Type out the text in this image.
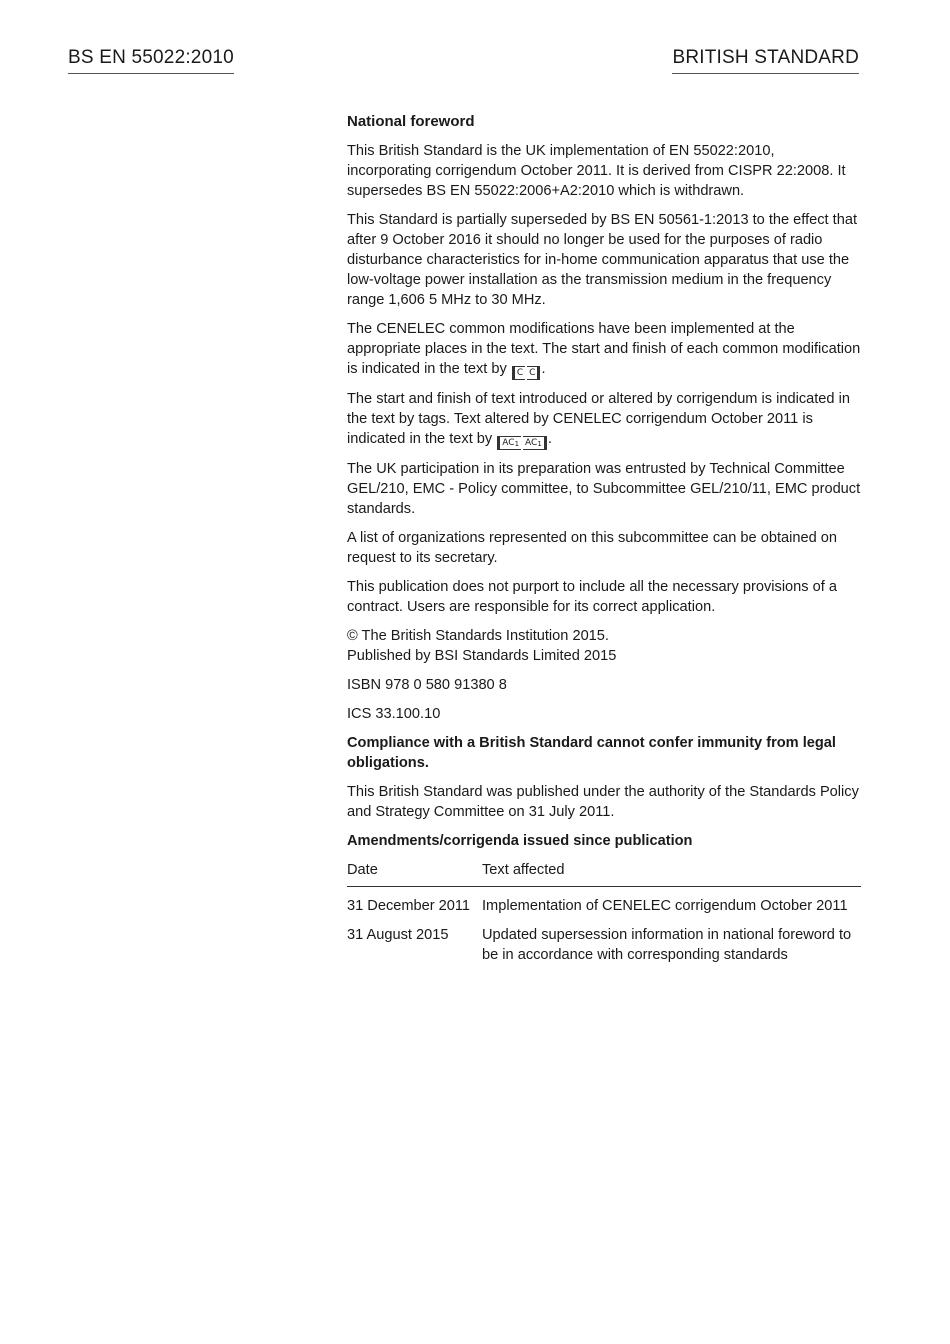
BS EN 55022:2010	BRITISH STANDARD
National foreword

This British Standard is the UK implementation of EN 55022:2010, incorporating corrigendum October 2011. It is derived from CISPR 22:2008. It supersedes BS EN 55022:2006+A2:2010 which is withdrawn.

This Standard is partially superseded by BS EN 50561-1:2013 to the effect that after 9 October 2016 it should no longer be used for the purposes of radio disturbance characteristics for in-home communication apparatus that use the low-voltage power installation as the transmission medium in the frequency range 1,606 5 MHz to 30 MHz.

The CENELEC common modifications have been implemented at the appropriate places in the text. The start and finish of each common modification is indicated in the text by C C .

The start and finish of text introduced or altered by corrigendum is indicated in the text by tags. Text altered by CENELEC corrigendum October 2011 is indicated in the text by $AC_1$ $AC_1$ .

The UK participation in its preparation was entrusted by Technical Committee GEL/210, EMC - Policy committee, to Subcommittee GEL/210/11, EMC product standards.

A list of organizations represented on this subcommittee can be obtained on request to its secretary.

This publication does not purport to include all the necessary provisions of a contract. Users are responsible for its correct application.

© The British Standards Institution 2015.
Published by BSI Standards Limited 2015

ISBN 978 0 580 91380 8

ICS 33.100.10

Compliance with a British Standard cannot confer immunity from legal obligations.

This British Standard was published under the authority of the Standards Policy and Strategy Committee on 31 July 2011.

Amendments/corrigenda issued since publication

Date	Text affected
31 December 2011	Implementation of CENELEC corrigendum October 2011
31 August 2015	Updated supersession information in national foreword to be in accordance with corresponding standards
